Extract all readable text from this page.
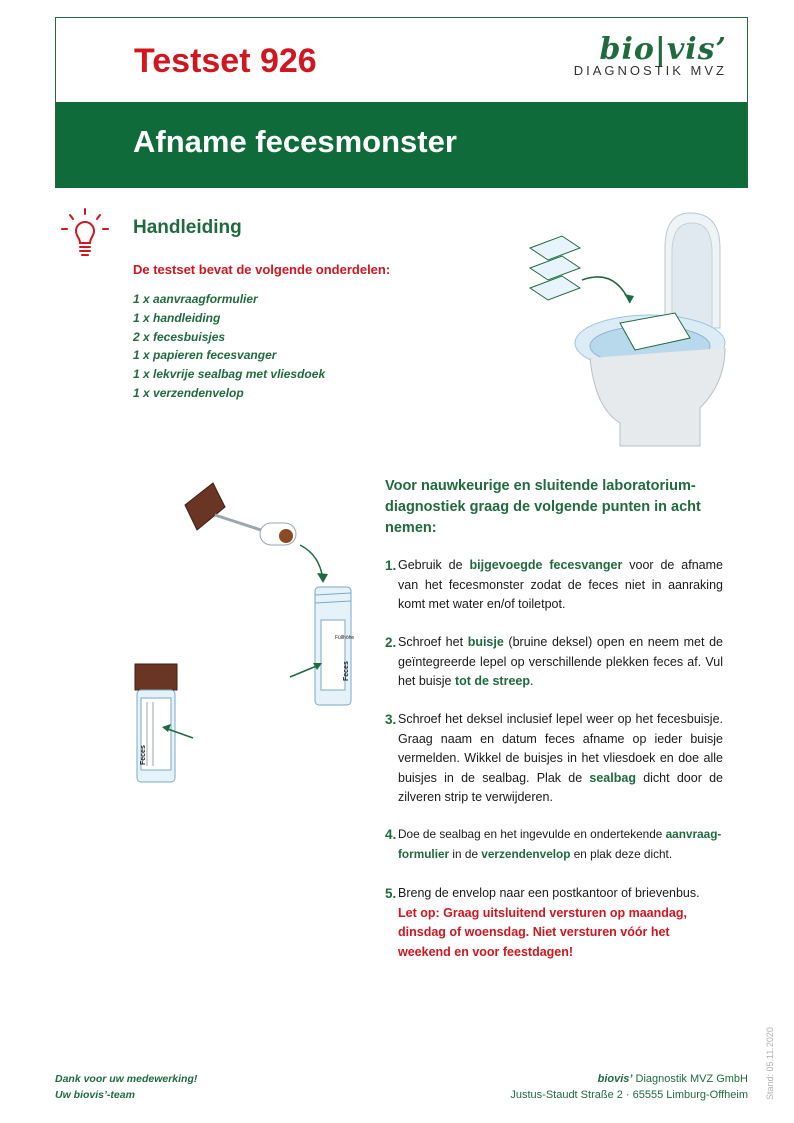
Testset 926	bio|vis’
DIAGNOSTIK MVZ
Afname fecesmonster
Handleiding
De testset bevat de volgende onderdelen:
1 x aanvraagformulier
1 x handleiding
2 x fecesbuisjes
1 x papieren fecesvanger
1 x lekvrije sealbag met vliesdoek
1 x verzendenvelop
Füllhöhe
Feces
Feces
Voor nauwkeurige en sluitende laboratorium-diagnostiek graag de volgende punten in acht nemen:
1. Gebruik de bijgevoegde fecesvanger voor de afname van het fecesmonster zodat de feces niet in aanraking komt met water en/of toiletpot.
2. Schroef het buisje (bruine deksel) open en neem met de geïntegreerde lepel op verschillende plekken feces af. Vul het buisje tot de streep.
3. Schroef het deksel inclusief lepel weer op het fecesbuisje. Graag naam en datum feces afname op ieder buisje vermelden. Wikkel de buisjes in het vliesdoek en doe alle buisjes in de sealbag. Plak de sealbag dicht door de zilveren strip te verwijderen.
4. Doe de sealbag en het ingevulde en ondertekende aanvraag-formulier in de verzendenvelop en plak deze dicht.
5. Breng de envelop naar een postkantoor of brievenbus.
Let op: Graag uitsluitend versturen op maandag, dinsdag of woensdag. Niet versturen vóór het weekend en voor feestdagen!
Dank voor uw medewerking!
Uw biovis’-team
biovis’ Diagnostik MVZ GmbH
Justus-Staudt Straße 2 · 65555 Limburg-Offheim Stand: 05.11.2020
